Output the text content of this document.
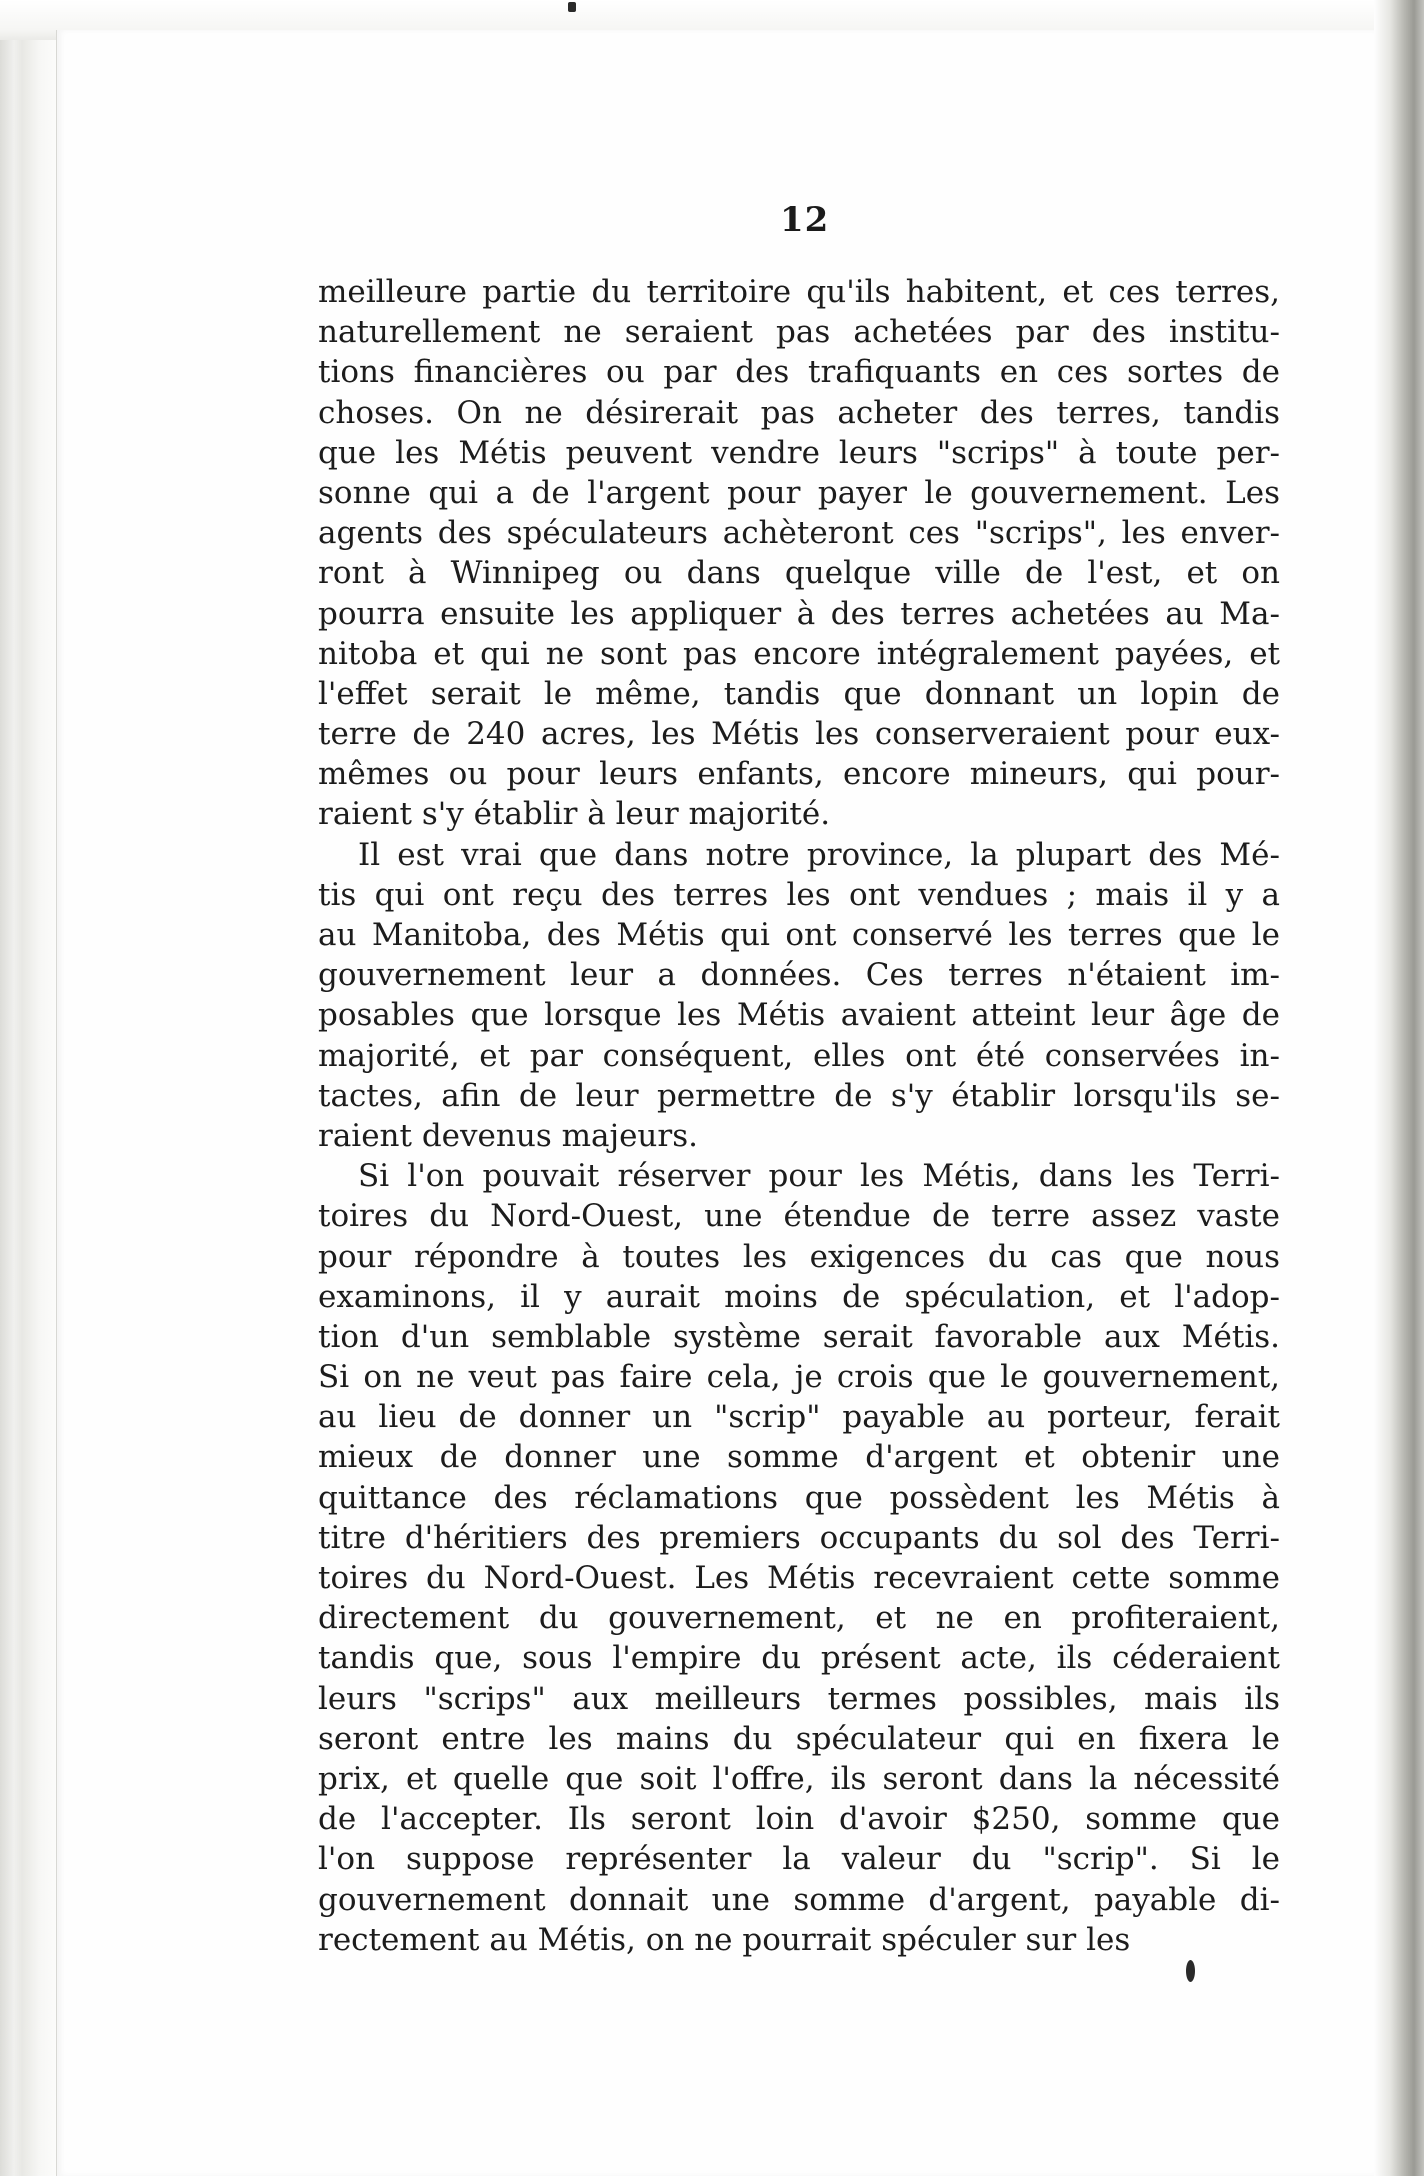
12
meilleure partie du territoire qu'ils habitent, et ces terres,
naturellement ne seraient pas achetées par des institu-
tions financières ou par des trafiquants en ces sortes de
choses. On ne désirerait pas acheter des terres, tandis
que les Métis peuvent vendre leurs "scrips" à toute per-
sonne qui a de l'argent pour payer le gouvernement. Les
agents des spéculateurs achèteront ces "scrips", les enver-
ront à Winnipeg ou dans quelque ville de l'est, et on
pourra ensuite les appliquer à des terres achetées au Ma-
nitoba et qui ne sont pas encore intégralement payées, et
l'effet serait le même, tandis que donnant un lopin de
terre de 240 acres, les Métis les conserveraient pour eux-
mêmes ou pour leurs enfants, encore mineurs, qui pour-
raient s'y établir à leur majorité.
Il est vrai que dans notre province, la plupart des Mé-
tis qui ont reçu des terres les ont vendues ; mais il y a
au Manitoba, des Métis qui ont conservé les terres que le
gouvernement leur a données. Ces terres n'étaient im-
posables que lorsque les Métis avaient atteint leur âge de
majorité, et par conséquent, elles ont été conservées in-
tactes, afin de leur permettre de s'y établir lorsqu'ils se-
raient devenus majeurs.
Si l'on pouvait réserver pour les Métis, dans les Terri-
toires du Nord-Ouest, une étendue de terre assez vaste
pour répondre à toutes les exigences du cas que nous
examinons, il y aurait moins de spéculation, et l'adop-
tion d'un semblable système serait favorable aux Métis.
Si on ne veut pas faire cela, je crois que le gouvernement,
au lieu de donner un "scrip" payable au porteur, ferait
mieux de donner une somme d'argent et obtenir une
quittance des réclamations que possèdent les Métis à
titre d'héritiers des premiers occupants du sol des Terri-
toires du Nord-Ouest. Les Métis recevraient cette somme
directement du gouvernement, et ne en profiteraient,
tandis que, sous l'empire du présent acte, ils céderaient
leurs "scrips" aux meilleurs termes possibles, mais ils
seront entre les mains du spéculateur qui en fixera le
prix, et quelle que soit l'offre, ils seront dans la nécessité
de l'accepter. Ils seront loin d'avoir $250, somme que
l'on suppose représenter la valeur du "scrip". Si le
gouvernement donnait une somme d'argent, payable di-
rectement au Métis, on ne pourrait spéculer sur les
